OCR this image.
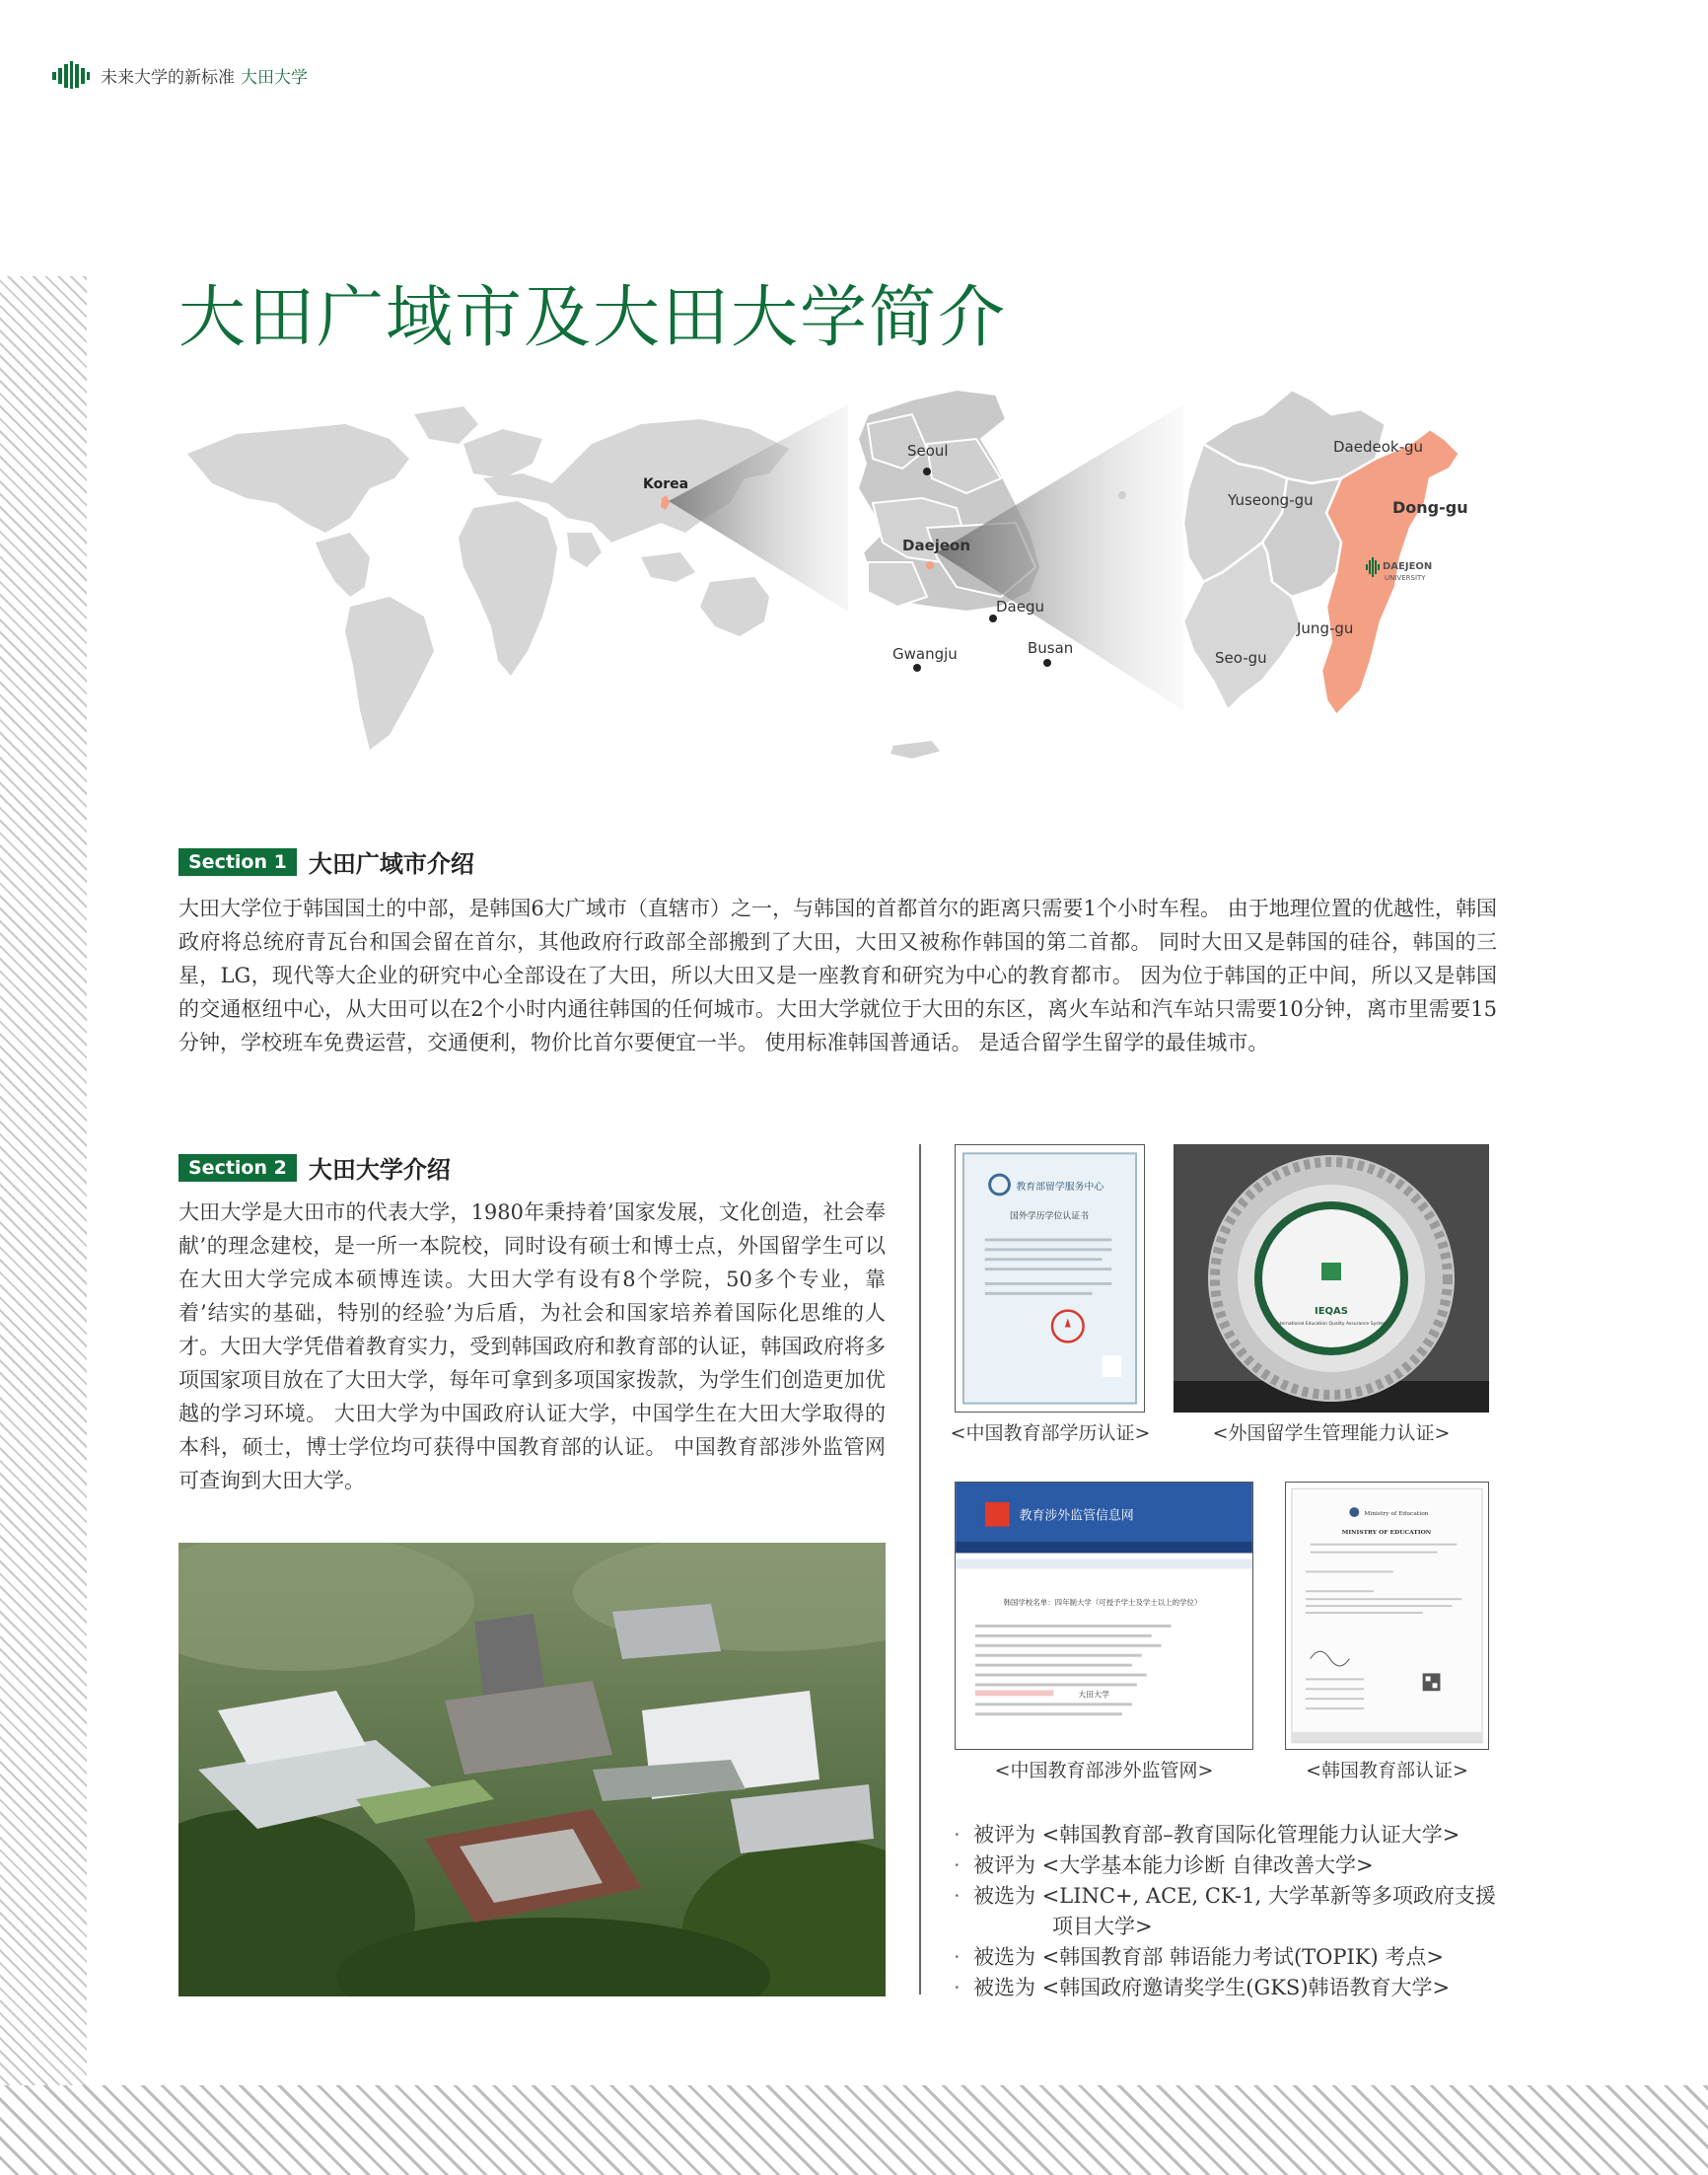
未来大学的新标准 大田大学
大田广域市及大田大学简介
Korea
Seoul
Daejeon
Daegu
Gwangju	Busan
Daedeok-gu
Yuseong-gu	Dong-gu
Jung-gu
Seo-gu
DAEJEON
UNIVERSITY
Section 1 大田广域市介绍

大田大学位于韩国国土的中部，是韩国6大广域市（直辖市）之一，与韩国的首都首尔的距离只需要1个小时车程。 由于地理位置的优越性，韩国政府将总统府青瓦台和国会留在首尔，其他政府行政部全部搬到了大田，大田又被称作韩国的第二首都。 同时大田又是韩国的硅谷，韩国的三星，LG，现代等大企业的研究中心全部设在了大田，所以大田又是一座教育和研究为中心的教育都市。 因为位于韩国的正中间，所以又是韩国的交通枢纽中心，从大田可以在2个小时内通往韩国的任何城市。大田大学就位于大田的东区，离火车站和汽车站只需要10分钟，离市里需要15分钟，学校班车免费运营，交通便利，物价比首尔要便宜一半。 使用标准韩国普通话。 是适合留学生留学的最佳城市。

Section 2 大田大学介绍

大田大学是大田市的代表大学，1980年秉持着’国家发展，文化创造，社会奉献’的理念建校，是一所一本院校，同时设有硕士和博士点，外国留学生可以在大田大学完成本硕博连读。大田大学有设有8个学院，50多个专业，靠着’结实的基础，特别的经验’为后盾，为社会和国家培养着国际化思维的人才。大田大学凭借着教育实力，受到韩国政府和教育部的认证，韩国政府将多项国家项目放在了大田大学，每年可拿到多项国家拨款，为学生们创造更加优越的学习环境。 大田大学为中国政府认证大学，中国学生在大田大学取得的本科，硕士，博士学位均可获得中国教育部的认证。 中国教育部涉外监管网可查询到大田大学。

教育部留学服务中心
国外学历学位认证书
<中国教育部学历认证>
IEQAS
International Education Quality Assurance System
<外国留学生管理能力认证>
教育涉外监管信息网
韩国学校名单：四年制大学（可授予学士及学士以上的学位）
大田大学
<中国教育部涉外监管网>
Ministry of Education
MINISTRY OF EDUCATION
<韩国教育部认证>
· 被评为 <韩国教育部–教育国际化管理能力认证大学>
· 被评为 <大学基本能力诊断 自律改善大学>
· 被选为 <LINC+, ACE, CK-1, 大学革新等多项政府支援
项目大学>
· 被选为 <韩国教育部 韩语能力考试(TOPIK) 考点>
· 被选为 <韩国政府邀请奖学生(GKS)韩语教育大学>
